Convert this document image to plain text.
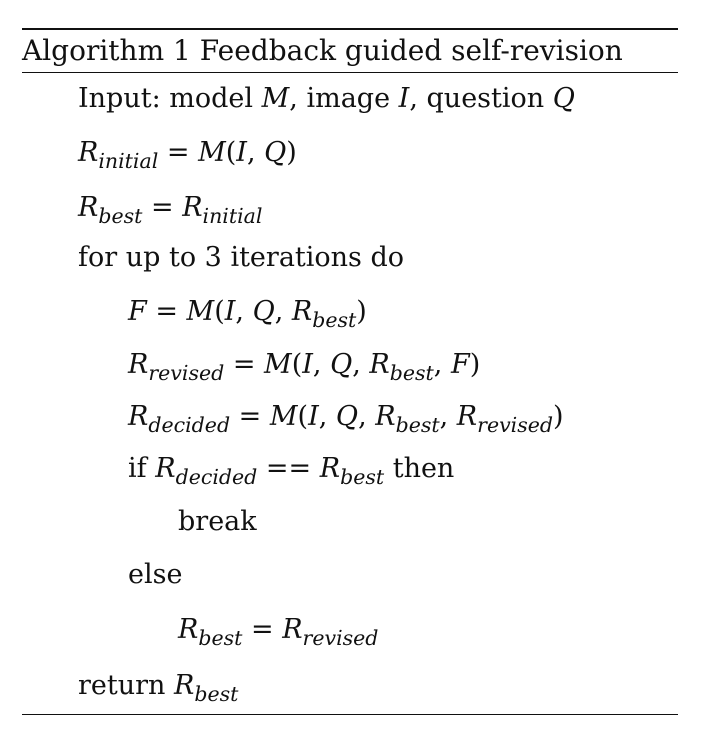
Algorithm 1 Feedback guided self-revision
Input: model M, image I, question Q
$R_{initial} = M(I$, Q)
$R_{best} = R_{initial}$
for up to 3 iterations do
F = M(I, Q, $R_{best}$)
$R_{revised} = M(I$, Q, $R_{best}$, F)
$R_{decided} = M(I$, Q, $R_{best}$, $R_{revised}$)
if $R_{decided} == R_{best}$ then
break
else
$R_{best} = R_{revised}$
return $R_{best}$
